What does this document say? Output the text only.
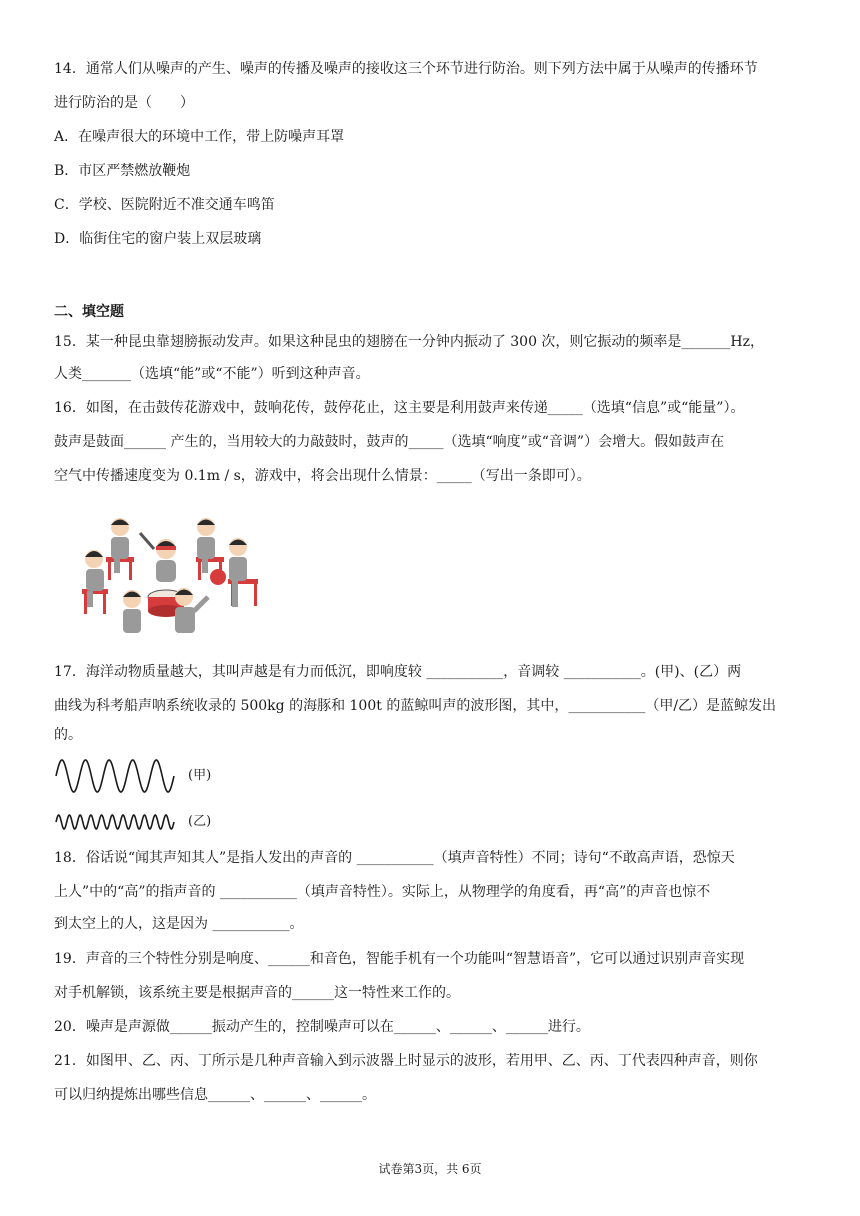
14．通常人们从噪声的产生、噪声的传播及噪声的接收这三个环节进行防治。则下列方法中属于从噪声的传播环节
进行防治的是（　　）
A．在噪声很大的环境中工作，带上防噪声耳罩
B．市区严禁燃放鞭炮
C．学校、医院附近不准交通车鸣笛
D．临街住宅的窗户装上双层玻璃
二、填空题
15．某一种昆虫靠翅膀振动发声。如果这种昆虫的翅膀在一分钟内振动了 300 次，则它振动的频率是_______Hz，
人类_______（选填“能”或“不能”）听到这种声音。
16．如图，在击鼓传花游戏中，鼓响花传，鼓停花止，这主要是利用鼓声来传递_____（选填“信息”或“能量”）。
鼓声是鼓面______ 产生的，当用较大的力敲鼓时，鼓声的_____（选填“响度”或“音调”）会增大。假如鼓声在
空气中传播速度变为 0.1m / s，游戏中，将会出现什么情景：_____（写出一条即可）。
17．海洋动物质量越大，其叫声越是有力而低沉，即响度较 ___________，音调较 ___________。(甲)、(乙）两
曲线为科考船声呐系统收录的 500kg 的海豚和 100t 的蓝鲸叫声的波形图，其中，___________（甲/乙）是蓝鲸发出
的。
(甲)
(乙)
18．俗话说“闻其声知其人”是指人发出的声音的 ___________（填声音特性）不同；诗句“不敢高声语，恐惊天
上人”中的“高”的指声音的 ___________（填声音特性）。实际上，从物理学的角度看，再“高”的声音也惊不
到太空上的人，这是因为 ___________。
19．声音的三个特性分别是响度、______和音色，智能手机有一个功能叫“智慧语音”，它可以通过识别声音实现
对手机解锁，该系统主要是根据声音的______这一特性来工作的。
20．噪声是声源做______振动产生的，控制噪声可以在______、______、______进行。
21．如图甲、乙、丙、丁所示是几种声音输入到示波器上时显示的波形，若用甲、乙、丙、丁代表四种声音，则你
可以归纳提炼出哪些信息______、______、______。
试卷第3页，共 6页
